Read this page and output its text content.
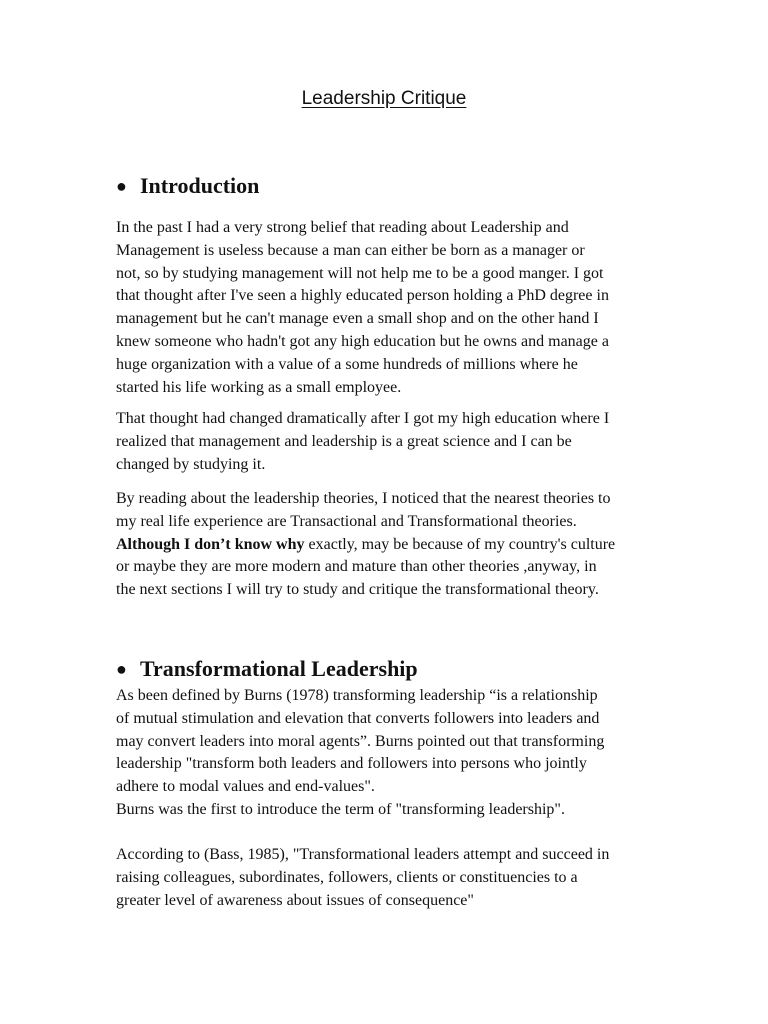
Leadership Critique
● Introduction

In the past I had a very strong belief that reading about Leadership and
Management is useless because a man can either be born as a manager or
not, so by studying management will not help me to be a good manger. I got
that thought after I've seen a highly educated person holding a PhD degree in
management but he can't manage even a small shop and on the other hand I
knew someone who hadn't got any high education but he owns and manage a
huge organization with a value of a some hundreds of millions where he
started his life working as a small employee.

That thought had changed dramatically after I got my high education where I
realized that management and leadership is a great science and I can be
changed by studying it.

By reading about the leadership theories, I noticed that the nearest theories to
my real life experience are Transactional and Transformational theories.
Although I don’t know why exactly, may be because of my country's culture
or maybe they are more modern and mature than other theories ,anyway, in
the next sections I will try to study and critique the transformational theory.

● Transformational Leadership

As been defined by Burns (1978) transforming leadership “is a relationship
of mutual stimulation and elevation that converts followers into leaders and
may convert leaders into moral agents”. Burns pointed out that transforming
leadership "transform both leaders and followers into persons who jointly
adhere to modal values and end-values".
Burns was the first to introduce the term of "transforming leadership".

According to (Bass, 1985), "Transformational leaders attempt and succeed in
raising colleagues, subordinates, followers, clients or constituencies to a
greater level of awareness about issues of consequence"
